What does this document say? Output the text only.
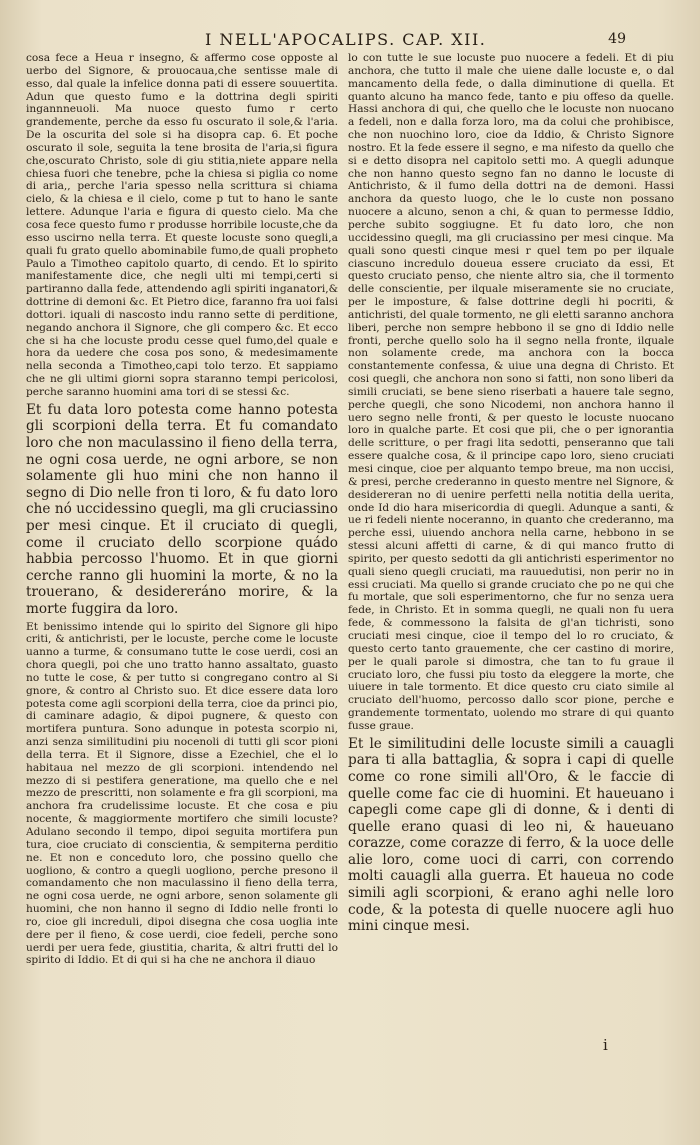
I NELL'APOCALIPS. CAP. XII.	49

cosa fece a Heua r insegno, & affermo cose opposte al uerbo del Signore, & prouocaua,che sentisse male di esso, dal quale la infelice donna pati di essere souuertita. Adun que questo fumo e la dottrina degli spiriti ingannneuoli. Ma nuoce questo fumo r certo grandemente, perche da esso fu oscurato il sole,& l'aria. De la oscurita del sole si ha disopra cap. 6. Et poche oscurato il sole, seguita la tene brosita de l'aria,si figura che,oscurato Christo, sole di giu stitia,niete appare nella chiesa fuori che tenebre, pche la chiesa si piglia co nome di aria,, perche l'aria spesso nella scrittura si chiama cielo, & la chiesa e il cielo, come p tut to hano le sante lettere. Adunque l'aria e figura di questo cielo. Ma che cosa fece questo fumo r produsse horribile locuste,che da esso uscirno nella terra. Et queste locuste sono quegli,a quali fu grato quello abominabile fumo,de quali propheto Paulo a Timotheo capitolo quarto, di cendo. Et lo spirito manifestamente dice, che negli ulti mi tempi,certi si partiranno dalla fede, attendendo agli spiriti inganatori,& dottrine di demoni &c. Et Pietro dice, faranno fra uoi falsi dottori. iquali di nascosto indu ranno sette di perditione, negando anchora il Signore, che gli compero &c. Et ecco che si ha che locuste produ cesse quel fumo,del quale e hora da uedere che cosa pos sono, & medesimamente nella seconda a Timotheo,capi tolo terzo. Et sappiamo che ne gli ultimi giorni sopra staranno tempi pericolosi, perche saranno huomini ama tori di se stessi &c.

Et fu data loro potesta come hanno potesta gli scorpioni della terra. Et fu comandato loro che non maculassino il fieno della terra, ne ogni cosa uerde, ne ogni arbore, se non solamente gli huo mini che non hanno il segno di Dio nelle fron ti loro, & fu dato loro che nó uccidessino quegli, ma gli cruciassino per mesi cinque. Et il cruciato di quegli, come il cruciato dello scorpione quádo habbia percosso l'huomo. Et in que giorni cerche ranno gli huomini la morte, & no la trouerano, & desidereráno morire, & la morte fuggira da loro.

Et benissimo intende qui lo spirito del Signore gli hipo criti, & antichristi, per le locuste, perche come le locuste uanno a turme, & consumano tutte le cose uerdi, cosi an chora quegli, poi che uno tratto hanno assaltato, guasto no tutte le cose, & per tutto si congregano contro al Si gnore, & contro al Christo suo. Et dice essere data loro potesta come agli scorpioni della terra, cioe da princi pio, di caminare adagio, & dipoi pugnere, & questo con mortifera puntura. Sono adunque in potesta scorpio ni, anzi senza similitudini piu nocenoli di tutti gli scor pioni della terra. Et il Signore, disse a Ezechiel, che el lo habitaua nel mezzo de gli scorpioni. intendendo nel mezzo di si pestifera generatione, ma quello che e nel mezzo de prescritti, non solamente e fra gli scorpioni, ma anchora fra crudelissime locuste. Et che cosa e piu nocente, & maggiormente mortifero che simili locuste? Adulano secondo il tempo, dipoi seguita mortifera pun tura, cioe cruciato di conscientia, & sempiterna perditio ne. Et non e conceduto loro, che possino quello che uogliono, & contro a quegli uogliono, perche presono il comandamento che non maculassino il fieno della terra, ne ogni cosa uerde, ne ogni arbore, senon solamente gli huomini, che non hanno il segno di Iddio nelle fronti lo ro, cioe gli increduli, dipoi disegna che cosa uoglia inte dere per il fieno, & cose uerdi, cioe fedeli, perche sono uerdi per uera fede, giustitia, charita, & altri frutti del lo spirito di Iddio. Et di qui si ha che ne anchora il diauo

lo con tutte le sue locuste puo nuocere a fedeli. Et di piu anchora, che tutto il male che uiene dalle locuste e, o dal mancamento della fede, o dalla diminutione di quella. Et quanto alcuno ha manco fede, tanto e piu offeso da quelle. Hassi anchora di qui, che quello che le locuste non nuocano a fedeli, non e dalla forza loro, ma da colui che prohibisce, che non nuochino loro, cioe da Iddio, & Christo Signore nostro. Et la fede essere il segno, e ma nifesto da quello che si e detto disopra nel capitolo setti mo. A quegli adunque che non hanno questo segno fan no danno le locuste di Antichristo, & il fumo della dottri na de demoni. Hassi anchora da questo luogo, che le lo custe non possano nuocere a alcuno, senon a chi, & quan to permesse Iddio, perche subito soggiugne. Et fu dato loro, che non uccidessino quegli, ma gli cruciassino per mesi cinque. Ma quali sono questi cinque mesi r quel tem po per ilquale ciascuno incredulo doueua essere cruciato da essi, Et questo cruciato penso, che niente altro sia, che il tormento delle conscientie, per ilquale miseramente sie no cruciate, per le imposture, & false dottrine degli hi pocriti, & antichristi, del quale tormento, ne gli eletti saranno anchora liberi, perche non sempre hebbono il se gno di Iddio nelle fronti, perche quello solo ha il segno nella fronte, ilquale non solamente crede, ma anchora con la bocca constantemente confessa, & uiue una degna di Christo. Et cosi quegli, che anchora non sono si fatti, non sono liberi da simili cruciati, se bene sieno riserbati a hauere tale segno, perche quegli, che sono Nicodemi, non anchora hanno il uero segno nelle fronti, & per questo le locuste nuocano loro in qualche parte. Et cosi que pii, che o per ignorantia delle scritture, o per fragi lita sedotti, penseranno que tali essere qualche cosa, & il principe capo loro, sieno cruciati mesi cinque, cioe per alquanto tempo breue, ma non uccisi, & presi, perche crederanno in questo mentre nel Signore, & desidereran no di uenire perfetti nella notitia della uerita, onde Id dio hara misericordia di quegli. Adunque a santi, & ue ri fedeli niente noceranno, in quanto che crederanno, ma perche essi, uiuendo anchora nella carne, hebbono in se stessi alcuni affetti di carne, & di qui manco frutto di spirito, per questo sedotti da gli antichristi esperimentor no quali sieno quegli cruciati, ma rauuedutisi, non perir no in essi cruciati. Ma quello si grande cruciato che po ne qui che fu mortale, que soli esperimentorno, che fur no senza uera fede, in Christo. Et in somma quegli, ne quali non fu uera fede, & commessono la falsita de gl'an tichristi, sono cruciati mesi cinque, cioe il tempo del lo ro cruciato, & questo certo tanto grauemente, che cer castino di morire, per le quali parole si dimostra, che tan to fu graue il cruciato loro, che fussi piu tosto da eleggere la morte, che uiuere in tale tormento. Et dice questo cru ciato simile al cruciato dell'huomo, percosso dallo scor pione, perche e grandemente tormentato, uolendo mo strare di qui quanto fusse graue.

Et le similitudini delle locuste simili a cauagli para ti alla battaglia, & sopra i capi di quelle come co rone simili all'Oro, & le faccie di quelle come fac cie di huomini. Et haueuano i capegli come cape gli di donne, & i denti di quelle erano quasi di leo ni, & haueuano corazze, come corazze di ferro, & la uoce delle alie loro, come uoci di carri, con correndo molti cauagli alla guerra. Et haueua no code simili agli scorpioni, & erano aghi nelle loro code, & la potesta di quelle nuocere agli huo mini cinque mesi.

i
